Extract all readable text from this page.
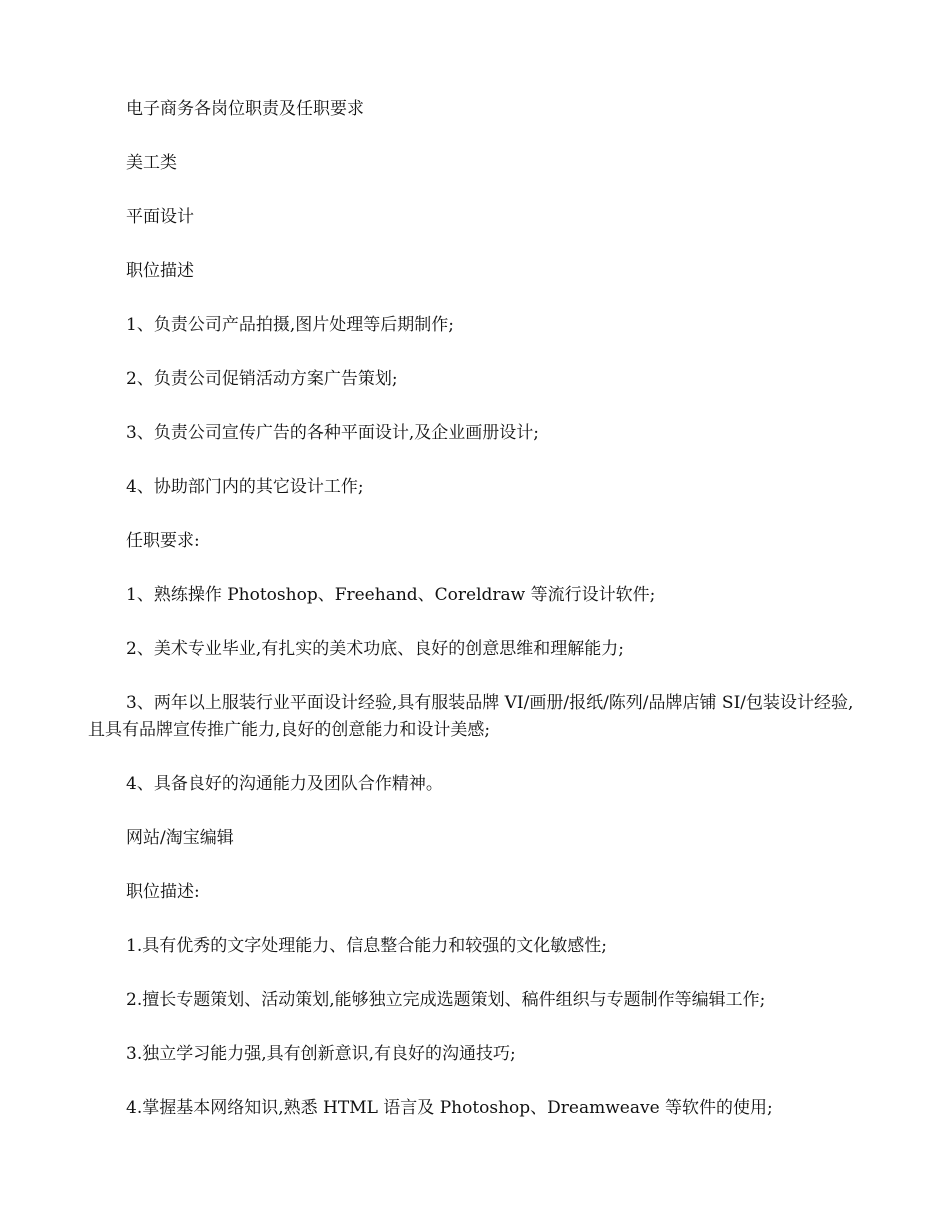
电子商务各岗位职责及任职要求

美工类

平面设计

职位描述

1、负责公司产品拍摄,图片处理等后期制作;

2、负责公司促销活动方案广告策划;

3、负责公司宣传广告的各种平面设计,及企业画册设计;

4、协助部门内的其它设计工作;

任职要求:

1、熟练操作 Photoshop、Freehand、Coreldraw 等流行设计软件;

2、美术专业毕业,有扎实的美术功底、良好的创意思维和理解能力;

3、两年以上服装行业平面设计经验,具有服装品牌 VI/画册/报纸/陈列/品牌店铺 SI/包装设计经验,且具有品牌宣传推广能力,良好的创意能力和设计美感;

4、具备良好的沟通能力及团队合作精神。

网站/淘宝编辑

职位描述:

1.具有优秀的文字处理能力、信息整合能力和较强的文化敏感性;

2.擅长专题策划、活动策划,能够独立完成选题策划、稿件组织与专题制作等编辑工作;

3.独立学习能力强,具有创新意识,有良好的沟通技巧;

4.掌握基本网络知识,熟悉 HTML 语言及 Photoshop、Dreamweave 等软件的使用;
